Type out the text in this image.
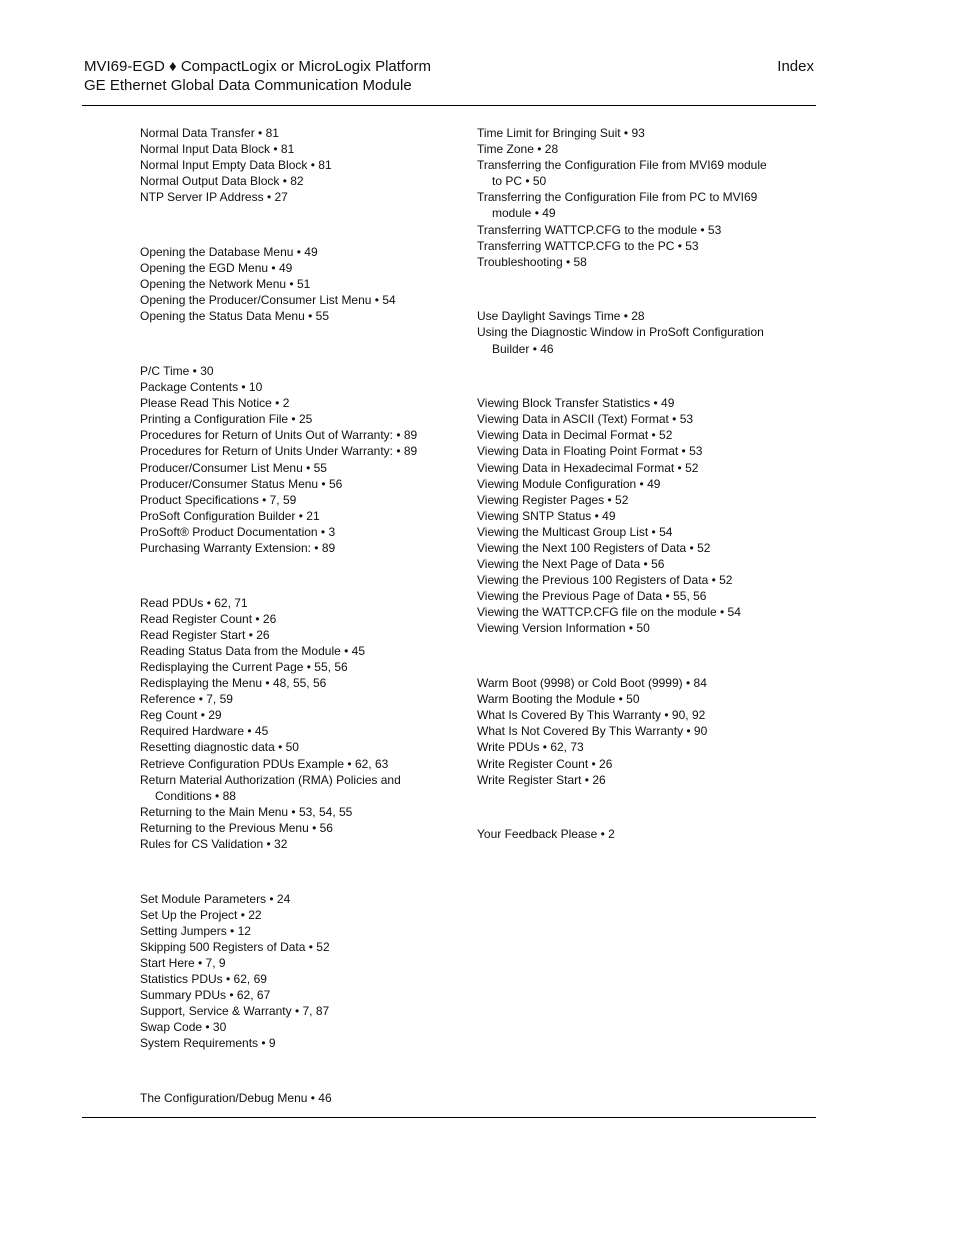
MVI69-EGD ♦ CompactLogix or MicroLogix Platform
GE Ethernet Global Data Communication Module
Index
Normal Data Transfer • 81
Normal Input Data Block • 81
Normal Input Empty Data Block • 81
Normal Output Data Block • 82
NTP Server IP Address • 27
Opening the Database Menu • 49
Opening the EGD Menu • 49
Opening the Network Menu • 51
Opening the Producer/Consumer List Menu • 54
Opening the Status Data Menu • 55
P/C Time • 30
Package Contents • 10
Please Read This Notice • 2
Printing a Configuration File • 25
Procedures for Return of Units Out of Warranty: • 89
Procedures for Return of Units Under Warranty: • 89
Producer/Consumer List Menu • 55
Producer/Consumer Status Menu • 56
Product Specifications • 7, 59
ProSoft Configuration Builder • 21
ProSoft® Product Documentation • 3
Purchasing Warranty Extension: • 89
Read PDUs • 62, 71
Read Register Count • 26
Read Register Start • 26
Reading Status Data from the Module • 45
Redisplaying the Current Page • 55, 56
Redisplaying the Menu • 48, 55, 56
Reference • 7, 59
Reg Count • 29
Required Hardware • 45
Resetting diagnostic data • 50
Retrieve Configuration PDUs Example • 62, 63
Return Material Authorization (RMA) Policies and Conditions • 88
Returning to the Main Menu • 53, 54, 55
Returning to the Previous Menu • 56
Rules for CS Validation • 32
Set Module Parameters • 24
Set Up the Project • 22
Setting Jumpers • 12
Skipping 500 Registers of Data • 52
Start Here • 7, 9
Statistics PDUs • 62, 69
Summary PDUs • 62, 67
Support, Service & Warranty • 7, 87
Swap Code • 30
System Requirements • 9
The Configuration/Debug Menu • 46
Time Limit for Bringing Suit • 93
Time Zone • 28
Transferring the Configuration File from MVI69 module to PC • 50
Transferring the Configuration File from PC to MVI69 module • 49
Transferring WATTCP.CFG to the module • 53
Transferring WATTCP.CFG to the PC • 53
Troubleshooting • 58
Use Daylight Savings Time • 28
Using the Diagnostic Window in ProSoft Configuration Builder • 46
Viewing Block Transfer Statistics • 49
Viewing Data in ASCII (Text) Format • 53
Viewing Data in Decimal Format • 52
Viewing Data in Floating Point Format • 53
Viewing Data in Hexadecimal Format • 52
Viewing Module Configuration • 49
Viewing Register Pages • 52
Viewing SNTP Status • 49
Viewing the Multicast Group List • 54
Viewing the Next 100 Registers of Data • 52
Viewing the Next Page of Data • 56
Viewing the Previous 100 Registers of Data • 52
Viewing the Previous Page of Data • 55, 56
Viewing the WATTCP.CFG file on the module • 54
Viewing Version Information • 50
Warm Boot (9998) or Cold Boot (9999) • 84
Warm Booting the Module • 50
What Is Covered By This Warranty • 90, 92
What Is Not Covered By This Warranty • 90
Write PDUs • 62, 73
Write Register Count • 26
Write Register Start • 26
Your Feedback Please • 2
